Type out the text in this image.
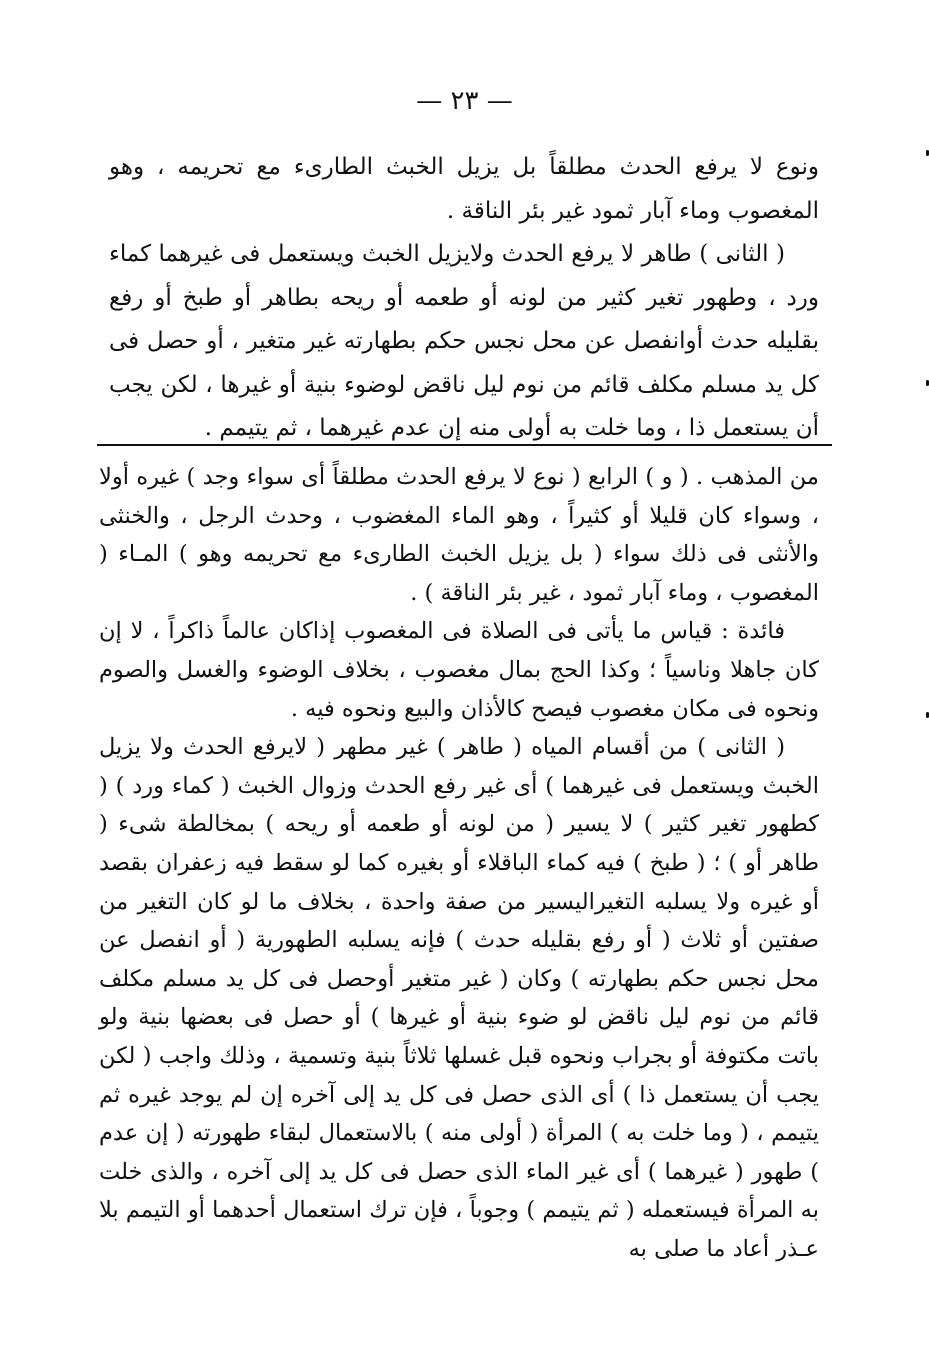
— ٢٣ —

ونوع لا يرفع الحدث مطلقاً بل يزيل الخبث الطارىء مع تحريمه ، وهو المغصوب وماء آبار ثمود غير بئر الناقة .

( الثانى ) طاهر لا يرفع الحدث ولايزيل الخبث ويستعمل فى غيرهما كماء ورد ، وطهور تغير كثير من لونه أو طعمه أو ريحه بطاهر أو طبخ أو رفع بقليله حدث أوانفصل عن محل نجس حكم بطهارته غير متغير ، أو حصل فى كل يد مسلم مكلف قائم من نوم ليل ناقض لوضوء بنية أو غيرها ، لكن يجب أن يستعمل ذا ، وما خلت به أولى منه إن عدم غيرهما ، ثم يتيمم .

من المذهب . ( و ) الرابع ( نوع لا يرفع الحدث مطلقاً أى سواء وجد ) غيره أولا ، وسواء كان قليلا أو كثيراً ، وهو الماء المغضوب ، وحدث الرجل ، والخنثى والأنثى فى ذلك سواء ( بل يزيل الخبث الطارىء مع تحريمه وهو ) المـاء ( المغصوب ، وماء آبار ثمود ، غير بئر الناقة ) .

فائدة : قياس ما يأتى فى الصلاة فى المغصوب إذاكان عالماً ذاكراً ، لا إن كان جاهلا وناسياً ؛ وكذا الحج بمال مغصوب ، بخلاف الوضوء والغسل والصوم ونحوه فى مكان مغصوب فيصح كالأذان والبيع ونحوه فيه .

( الثانى ) من أقسام المياه ( طاهر ) غير مطهر ( لايرفع الحدث ولا يزيل الخبث ويستعمل فى غيرهما ) أى غير رفع الحدث وزوال الخبث ( كماء ورد ) ( كطهور تغير كثير ) لا يسير ( من لونه أو طعمه أو ريحه ) بمخالطة شىء ( طاهر أو ) ؛ ( طبخ ) فيه كماء الباقلاء أو بغيره كما لو سقط فيه زعفران بقصد أو غيره ولا يسلبه التغيراليسير من صفة واحدة ، بخلاف ما لو كان التغير من صفتين أو ثلاث ( أو رفع بقليله حدث ) فإنه يسلبه الطهورية ( أو انفصل عن محل نجس حكم بطهارته ) وكان ( غير متغير أوحصل فى كل يد مسلم مكلف قائم من نوم ليل ناقض لو ضوء بنية أو غيرها ) أو حصل فى بعضها بنية ولو باتت مكتوفة أو بجراب ونحوه قبل غسلها ثلاثاً بنية وتسمية ، وذلك واجب ( لكن يجب أن يستعمل ذا ) أى الذى حصل فى كل يد إلى آخره إن لم يوجد غيره ثم يتيمم ، ( وما خلت به ) المرأة ( أولى منه ) بالاستعمال لبقاء طهورته ( إن عدم ) طهور ( غيرهما ) أى غير الماء الذى حصل فى كل يد إلى آخره ، والذى خلت به المرأة فيستعمله ( ثم يتيمم ) وجوباً ، فإن ترك استعمال أحدهما أو التيمم بلا عـذر أعاد ما صلى به
